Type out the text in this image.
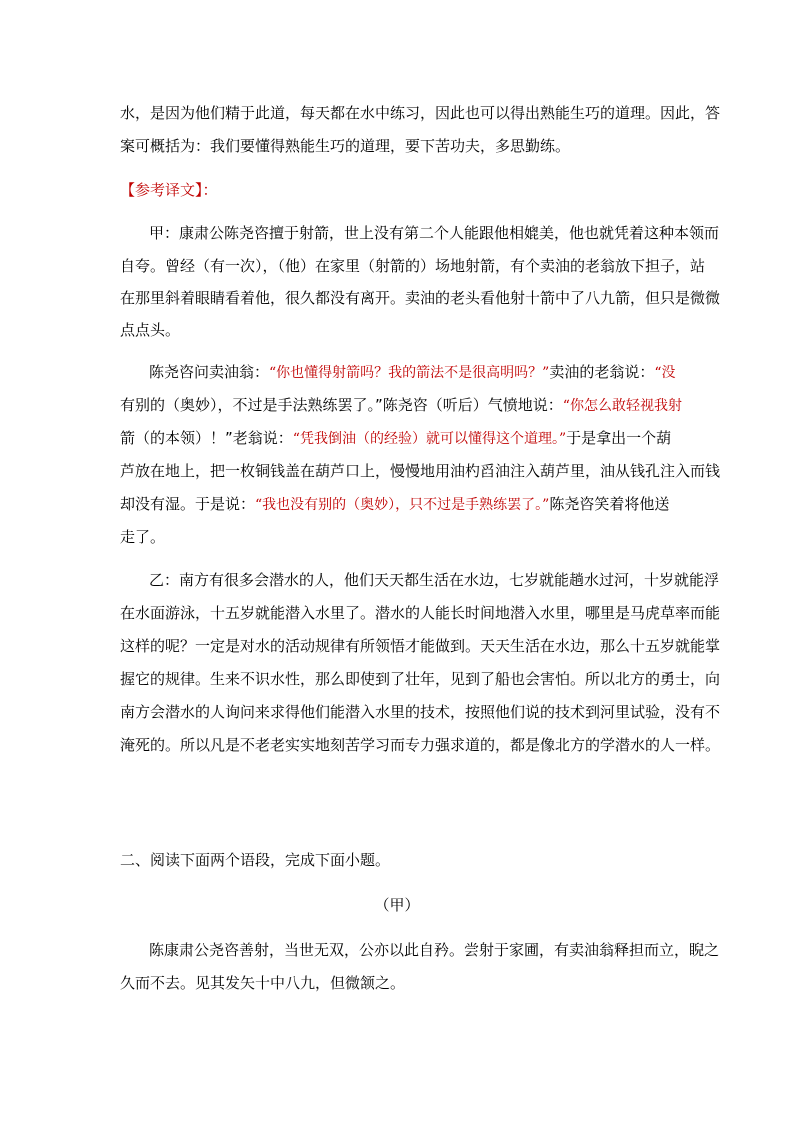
水，是因为他们精于此道，每天都在水中练习，因此也可以得出熟能生巧的道理。因此，答
案可概括为：我们要懂得熟能生巧的道理，要下苦功夫，多思勤练。
【参考译文】：
甲：康肃公陈尧咨擅于射箭，世上没有第二个人能跟他相媲美，他也就凭着这种本领而
自夸。曾经（有一次），（他）在家里（射箭的）场地射箭，有个卖油的老翁放下担子，站
在那里斜着眼睛看着他，很久都没有离开。卖油的老头看他射十箭中了八九箭，但只是微微
点点头。
陈尧咨问卖油翁：“你也懂得射箭吗？我的箭法不是很高明吗？”卖油的老翁说：“没
有别的（奥妙），不过是手法熟练罢了。”陈尧咨（听后）气愤地说：“你怎么敢轻视我射
箭（的本领）！”老翁说：“凭我倒油（的经验）就可以懂得这个道理。”于是拿出一个葫
芦放在地上，把一枚铜钱盖在葫芦口上，慢慢地用油杓舀油注入葫芦里，油从钱孔注入而钱
却没有湿。于是说：“我也没有别的（奥妙），只不过是手熟练罢了。”陈尧咨笑着将他送
走了。
乙：南方有很多会潜水的人，他们天天都生活在水边，七岁就能趟水过河，十岁就能浮
在水面游泳，十五岁就能潜入水里了。潜水的人能长时间地潜入水里，哪里是马虎草率而能
这样的呢？一定是对水的活动规律有所领悟才能做到。天天生活在水边，那么十五岁就能掌
握它的规律。生来不识水性，那么即使到了壮年，见到了船也会害怕。所以北方的勇士，向
南方会潜水的人询问来求得他们能潜入水里的技术，按照他们说的技术到河里试验，没有不
淹死的。所以凡是不老老实实地刻苦学习而专力强求道的，都是像北方的学潜水的人一样。
二、阅读下面两个语段，完成下面小题。
（甲）
陈康肃公尧咨善射，当世无双，公亦以此自矜。尝射于家圃，有卖油翁释担而立，睨之
久而不去。见其发矢十中八九，但微颔之。
